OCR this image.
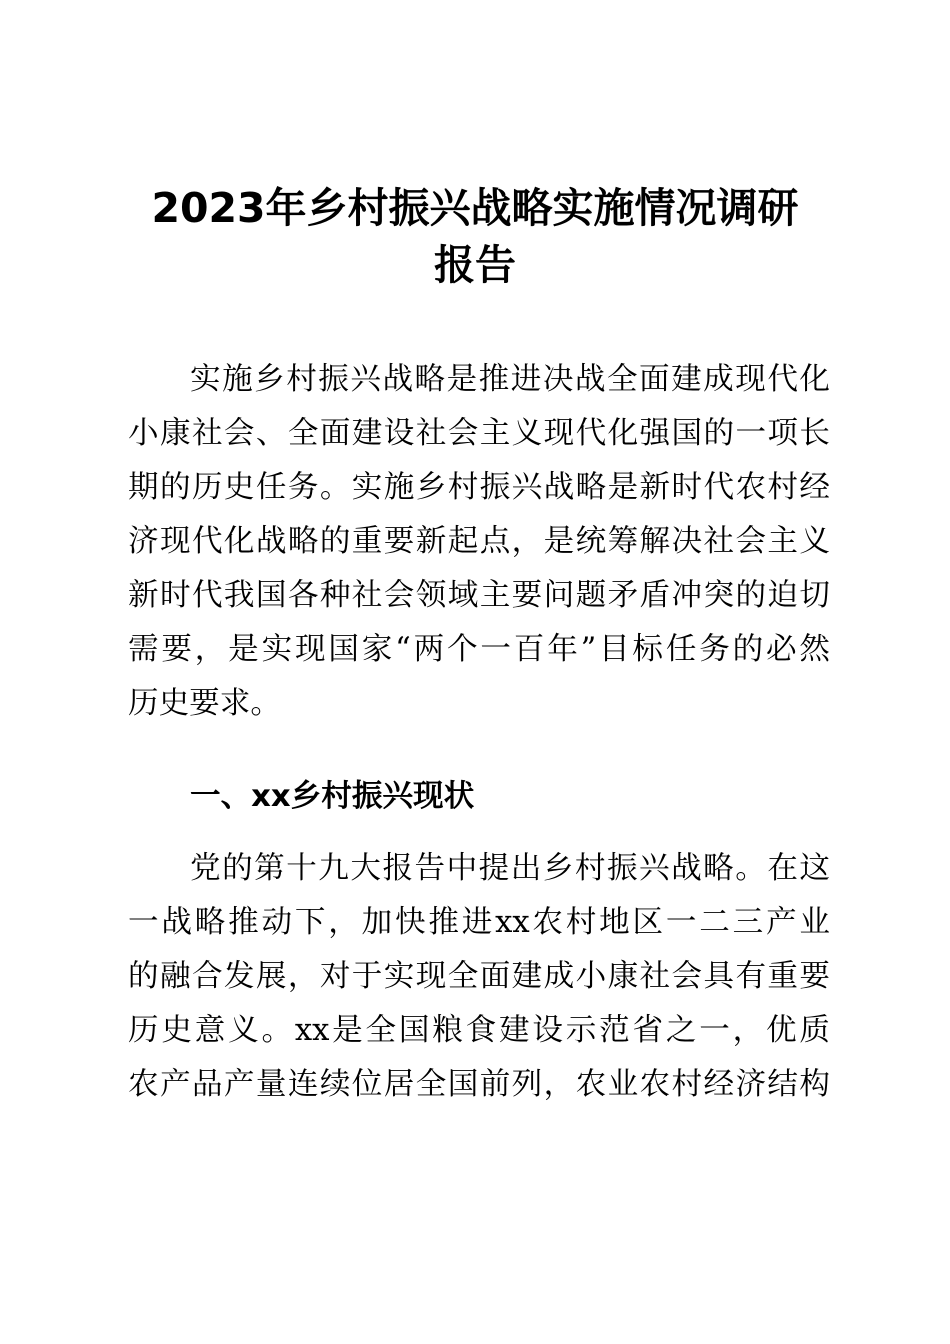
2023年乡村振兴战略实施情况调研
报告

实施乡村振兴战略是推进决战全面建成现代化

小康社会、全面建设社会主义现代化强国的一项长

期的历史任务。实施乡村振兴战略是新时代农村经

济现代化战略的重要新起点，是统筹解决社会主义

新时代我国各种社会领域主要问题矛盾冲突的迫切

需要，是实现国家“两个一百年”目标任务的必然

历史要求。

一、xx乡村振兴现状

党的第十九大报告中提出乡村振兴战略。在这

一战略推动下，加快推进xx农村地区一二三产业

的融合发展，对于实现全面建成小康社会具有重要

历史意义。xx是全国粮食建设示范省之一，优质

农产品产量连续位居全国前列，农业农村经济结构
